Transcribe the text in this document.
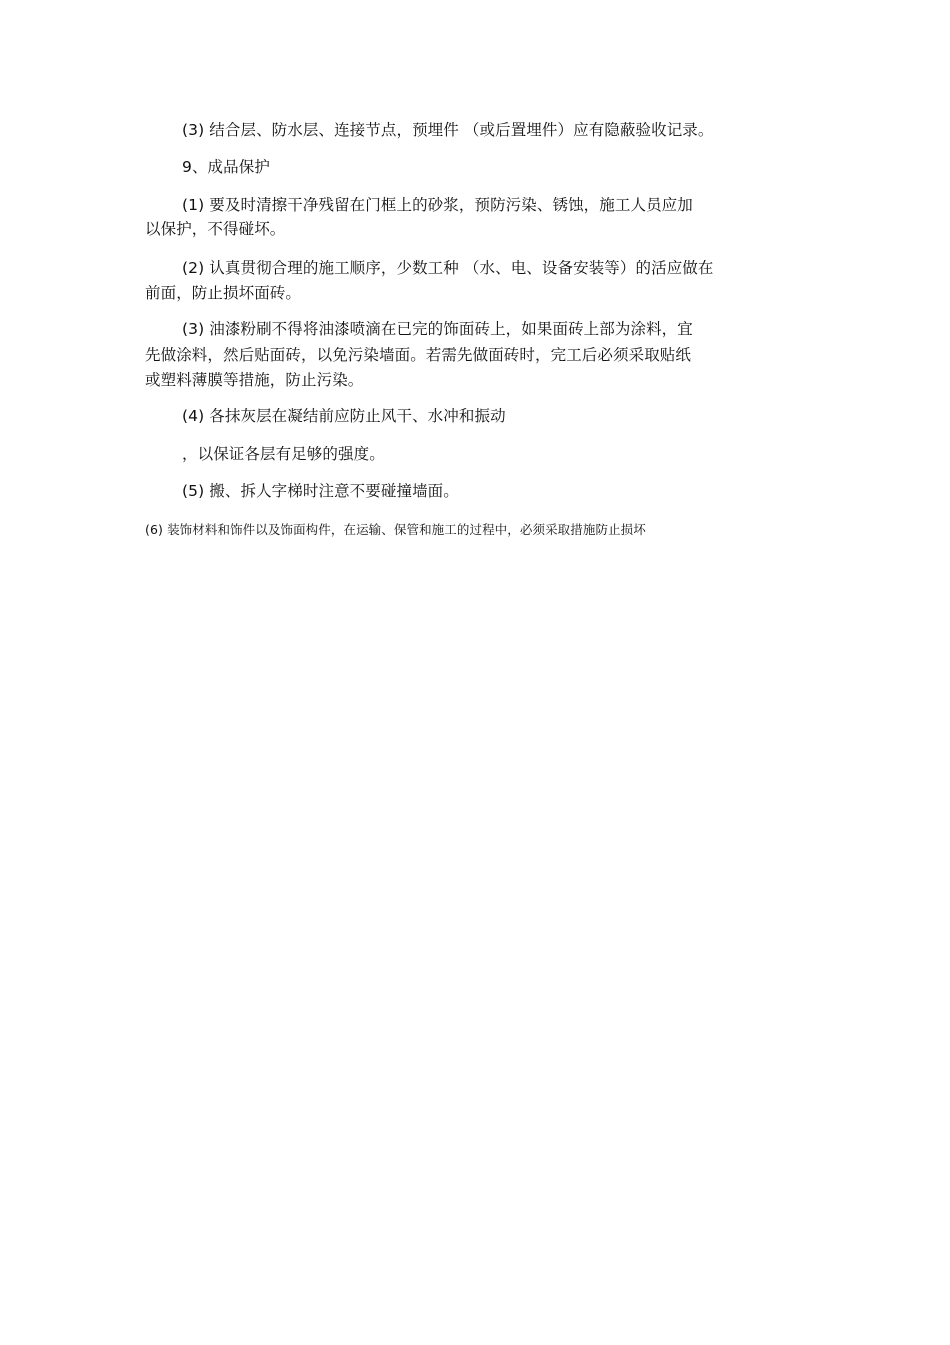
(3) 结合层、防水层、连接节点，预埋件 （或后置埋件）应有隐蔽验收记录。
9、成品保护
(1) 要及时清擦干净残留在门框上的砂浆，预防污染、锈蚀，施工人员应加
以保护，不得碰坏。
(2) 认真贯彻合理的施工顺序，少数工种 （水、电、设备安装等）的活应做在
前面，防止损坏面砖。
(3) 油漆粉刷不得将油漆喷滴在已完的饰面砖上，如果面砖上部为涂料，宜
先做涂料，然后贴面砖，以免污染墙面。若需先做面砖时，完工后必须采取贴纸
或塑料薄膜等措施，防止污染。
(4) 各抹灰层在凝结前应防止风干、水冲和振动
，以保证各层有足够的强度。
(5) 搬、拆人字梯时注意不要碰撞墙面。
(6) 装饰材料和饰件以及饰面构件，在运输、保管和施工的过程中，必须采取措施防止损坏
